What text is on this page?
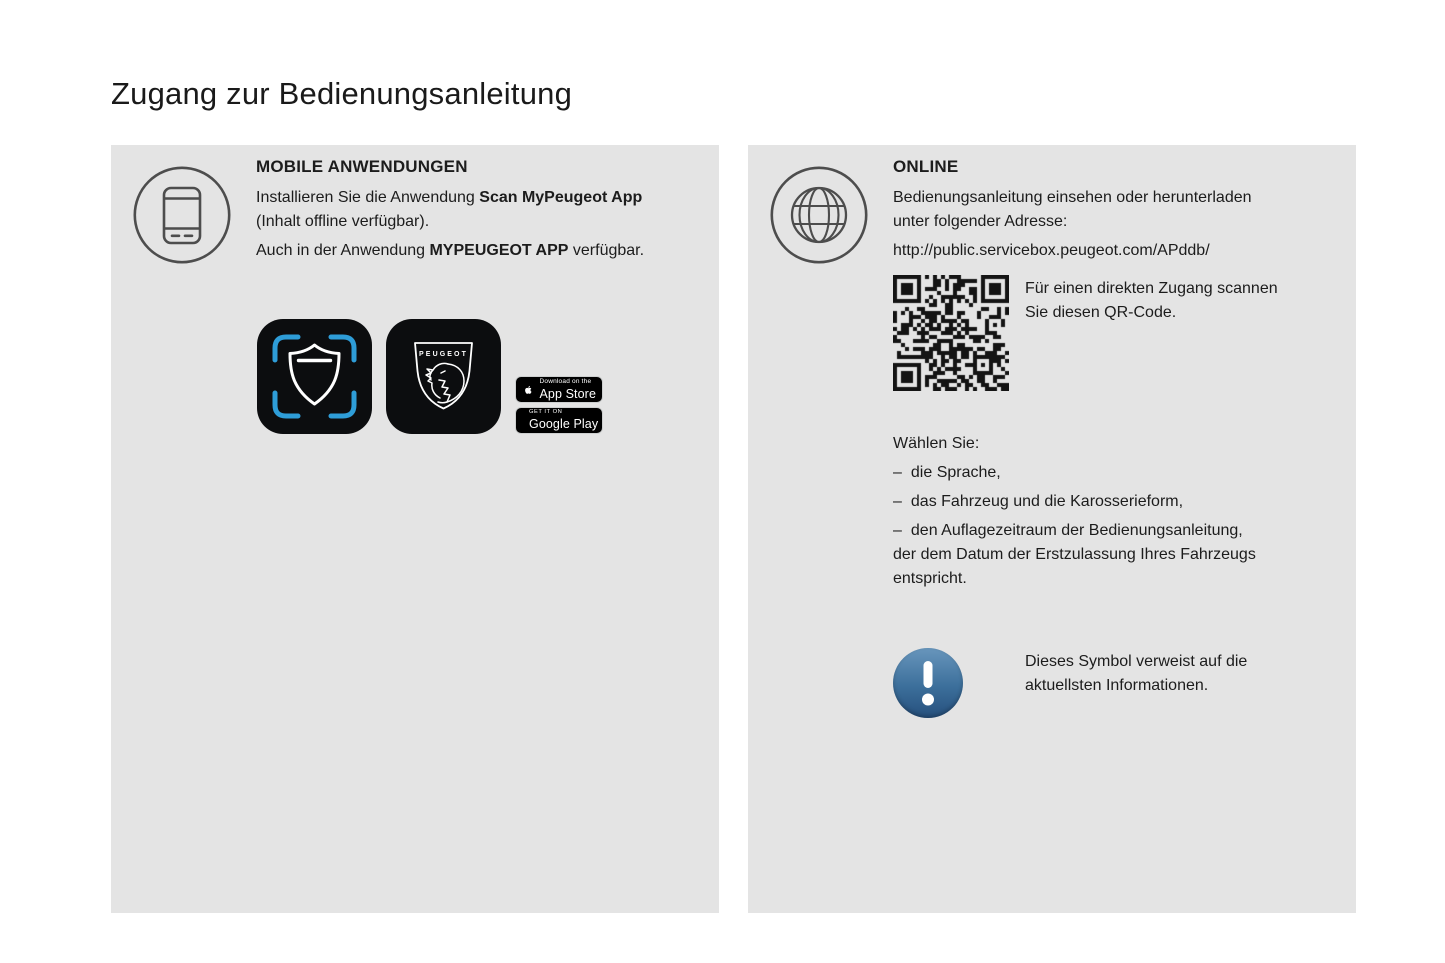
Zugang zur Bedienungsanleitung
MOBILE ANWENDUNGEN

Installieren Sie die Anwendung Scan MyPeugeot App
(Inhalt offline verfügbar).

Auch in der Anwendung MYPEUGEOT APP verfügbar.

PEUGEOT
Download on the
App Store
GET IT ON
Google Play
ONLINE

Bedienungsanleitung einsehen oder herunterladen
unter folgender Adresse:

http://public.servicebox.peugeot.com/APddb/

Für einen direkten Zugang scannen
Sie diesen QR-Code.

Wählen Sie:

– die Sprache,
– das Fahrzeug und die Karosserieform,
– den Auflagezeitraum der Bedienungsanleitung, der dem Datum der Erstzulassung Ihres Fahrzeugs entspricht.
Dieses Symbol verweist auf die
aktuellsten Informationen.
